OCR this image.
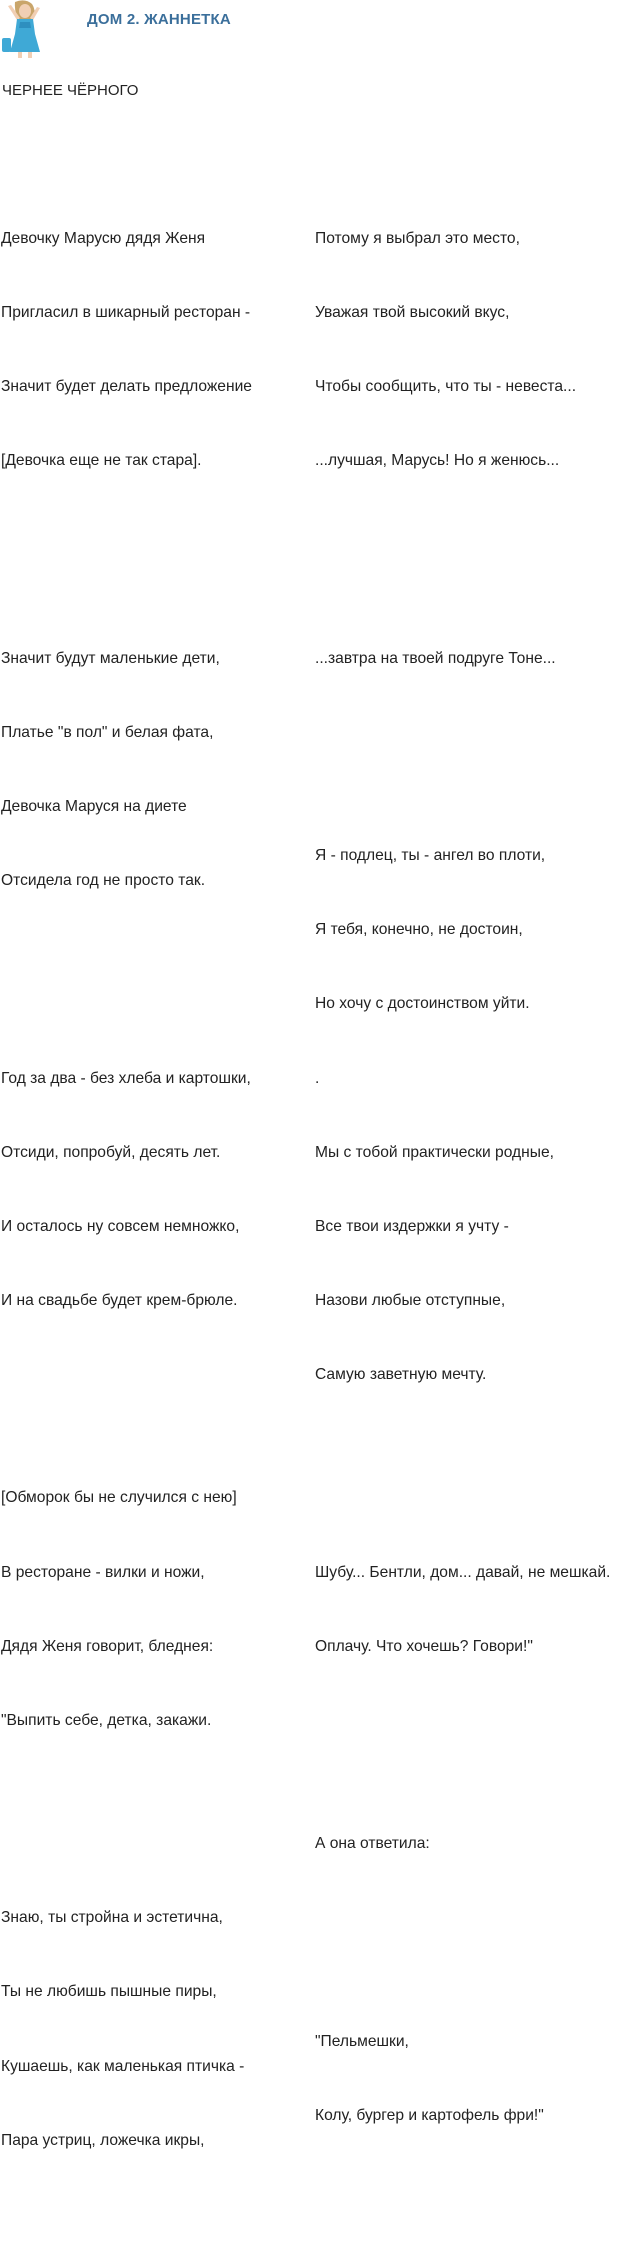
ДОМ 2. ЖАННЕТКА
ЧЕРНЕЕ ЧЁРНОГО

Девочку Марусю дядя Женя

Пригласил в шикарный ресторан -

Значит будет делать предложение

[Девочка еще не так стара].

Значит будут маленькие дети,

Платье "в пол" и белая фата,

Девочка Маруся на диете

Отсидела год не просто так.

Год за два - без хлеба и картошки,

Отсиди, попробуй, десять лет.

И осталось ну совсем немножко,

И на свадьбе будет крем-брюле.

[Обморок бы не случился с нею]

В ресторане - вилки и ножи,

Дядя Женя говорит, бледнея:

"Выпить себе, детка, закажи.

Знаю, ты стройна и эстетична,

Ты не любишь пышные пиры,

Кушаешь, как маленькая птичка -

Пара устриц, ложечка икры,

Потому я выбрал это место,

Уважая твой высокий вкус,

Чтобы сообщить, что ты - невеста...

...лучшая, Марусь! Но я женюсь...

...завтра на твоей подруге Тоне...

Я - подлец, ты - ангел во плоти,

Я тебя, конечно, не достоин,

Но хочу с достоинством уйти.

.

Мы с тобой практически родные,

Все твои издержки я учту -

Назови любые отступные,

Самую заветную мечту.

Шубу... Бентли, дом... давай, не мешкай.

Оплачу. Что хочешь? Говори!"

А она ответила:

"Пельмешки,

Колу, бургер и картофель фри!"
